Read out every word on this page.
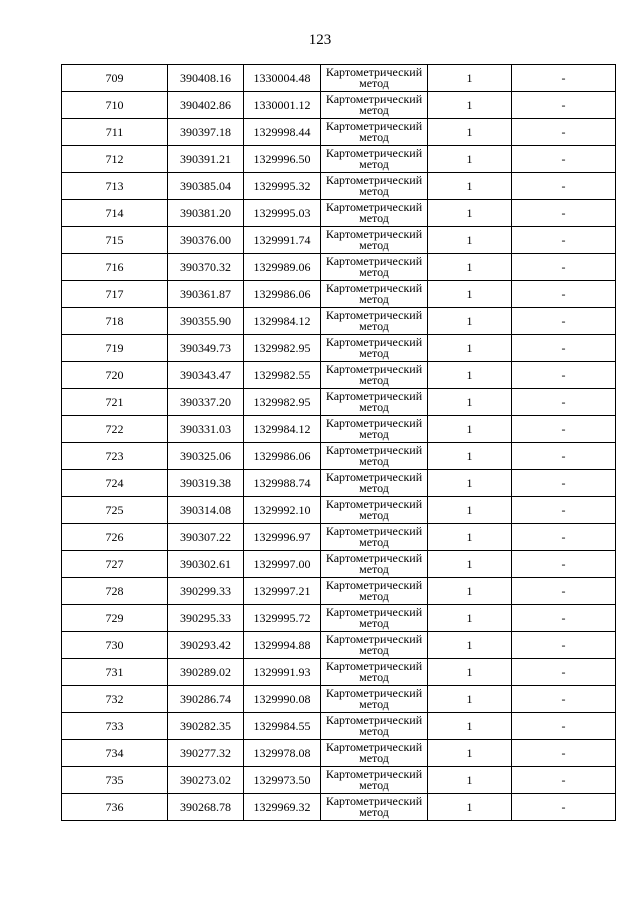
123
709	390408.16	1330004.48	Картометрический метод	1	-
710	390402.86	1330001.12	Картометрический метод	1	-
711	390397.18	1329998.44	Картометрический метод	1	-
712	390391.21	1329996.50	Картометрический метод	1	-
713	390385.04	1329995.32	Картометрический метод	1	-
714	390381.20	1329995.03	Картометрический метод	1	-
715	390376.00	1329991.74	Картометрический метод	1	-
716	390370.32	1329989.06	Картометрический метод	1	-
717	390361.87	1329986.06	Картометрический метод	1	-
718	390355.90	1329984.12	Картометрический метод	1	-
719	390349.73	1329982.95	Картометрический метод	1	-
720	390343.47	1329982.55	Картометрический метод	1	-
721	390337.20	1329982.95	Картометрический метод	1	-
722	390331.03	1329984.12	Картометрический метод	1	-
723	390325.06	1329986.06	Картометрический метод	1	-
724	390319.38	1329988.74	Картометрический метод	1	-
725	390314.08	1329992.10	Картометрический метод	1	-
726	390307.22	1329996.97	Картометрический метод	1	-
727	390302.61	1329997.00	Картометрический метод	1	-
728	390299.33	1329997.21	Картометрический метод	1	-
729	390295.33	1329995.72	Картометрический метод	1	-
730	390293.42	1329994.88	Картометрический метод	1	-
731	390289.02	1329991.93	Картометрический метод	1	-
732	390286.74	1329990.08	Картометрический метод	1	-
733	390282.35	1329984.55	Картометрический метод	1	-
734	390277.32	1329978.08	Картометрический метод	1	-
735	390273.02	1329973.50	Картометрический метод	1	-
736	390268.78	1329969.32	Картометрический метод	1	-
